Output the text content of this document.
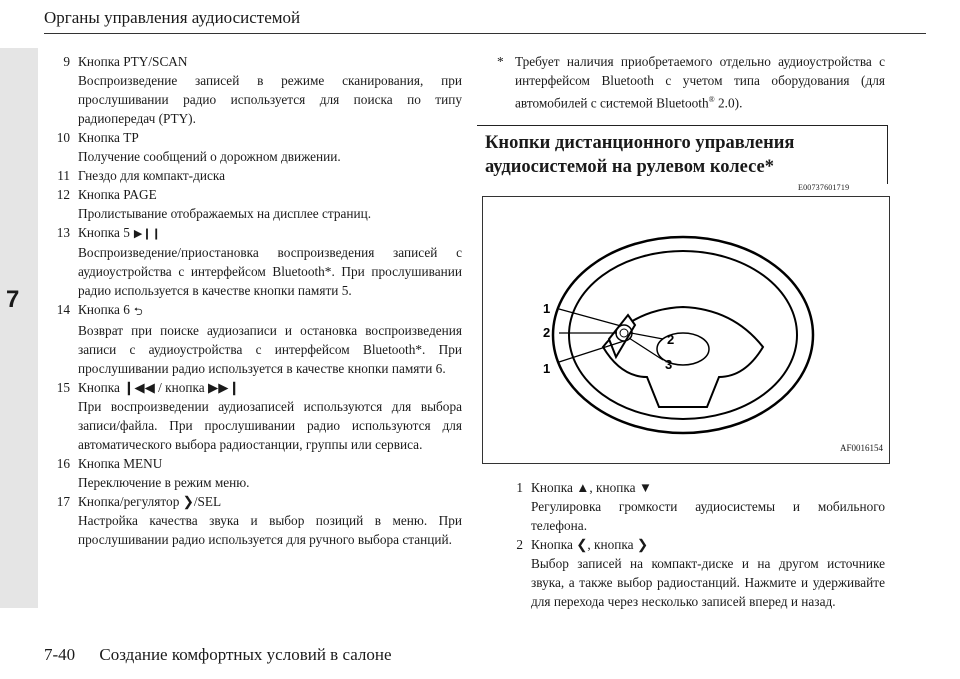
7
Органы управления аудиосистемой
9 Кнопка PTY/SCAN
Воспроизведение записей в режиме сканирования, при прослушивании радио используется для поиска по типу радиопередач (PTY).
10 Кнопка TP
Получение сообщений о дорожном движении.
11 Гнездо для компакт-диска
12 Кнопка PAGE
Пролистывание отображаемых на дисплее страниц.
13 Кнопка 5 ▶❙❙
Воспроизведение/приостановка воспроизведения записей с аудиоустройства с интерфейсом Bluetooth*. При прослушивании радио используется в качестве кнопки памяти 5.
14 Кнопка 6 ⮌
Возврат при поиске аудиозаписи и остановка воспроизведения записи с аудиоустройства с интерфейсом Bluetooth*. При прослушивании радио используется в качестве кнопки памяти 6.
15 Кнопка ❙◀◀ / кнопка ▶▶❙
При воспроизведении аудиозаписей используются для выбора записи/файла. При прослушивании радио используются для автоматического выбора радиостанции, группы или сервиса.
16 Кнопка MENU
Переключение в режим меню.
17 Кнопка/регулятор ❯/SEL
Настройка качества звука и выбор позиций в меню. При прослушивании радио используется для ручного выбора станций.
* Требует наличия приобретаемого отдельно аудиоустройства с интерфейсом Bluetooth с учетом типа оборудования (для автомобилей с системой Bluetooth® 2.0).
Кнопки дистанционного управления
аудиосистемой на рулевом колесе*
E00737601719
1
2
1
2
3
AF0016154
1 Кнопка ▲, кнопка ▼
Регулировка громкости аудиосистемы и мобильного телефона.
2 Кнопка ❮, кнопка ❯
Выбор записей на компакт-диске и на другом источнике звука, а также выбор радиостанций. Нажмите и удерживайте для перехода через несколько записей вперед и назад.
7-40 Создание комфортных условий в салоне
